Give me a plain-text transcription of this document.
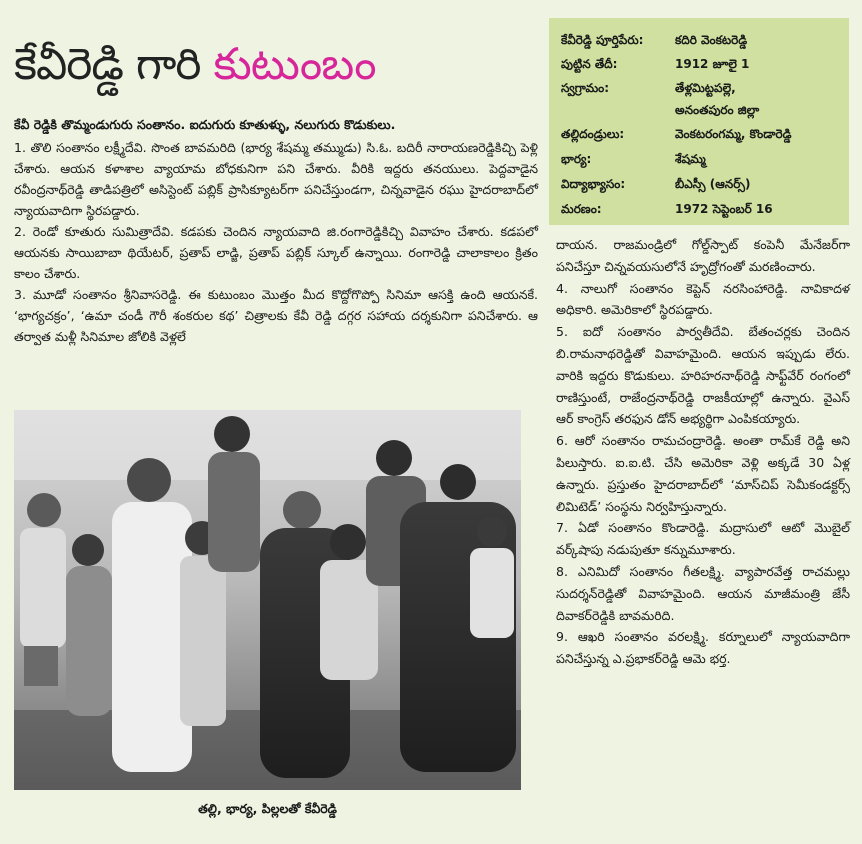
కేవీరెడ్డి గారి కుటుంబం
కేవీ రెడ్డికి తొమ్మండుగురు సంతానం. ఐదుగురు కూతుళ్ళు, నలుగురు కొడుకులు.

1. తొలి సంతానం లక్ష్మీదేవి. సొంత బావమరిది (భార్య శేషమ్మ తమ్ముడు) సి.ఓ. బదిరీ నారాయణరెడ్డికిచ్చి పెళ్లి చేశారు. ఆయన కళాశాల వ్యాయామ బోధకునిగా పని చేశారు. వీరికి ఇద్దరు తనయులు. పెద్దవాడైన రవీంద్రనాథ్‌రెడ్డి తాడిపత్రిలో అసిస్టెంట్ పబ్లిక్ ప్రాసిక్యూటర్‌గా పనిచేస్తుండగా, చిన్నవాడైన రఘు హైదరాబాద్‌లో న్యాయవాదిగా స్థిరపడ్డారు.

2. రెండో కూతురు సుమిత్రాదేవి. కడపకు చెందిన న్యాయవాది జి.రంగారెడ్డికిచ్చి వివాహం చేశారు. కడపలో ఆయనకు సాయిబాబా థియేటర్, ప్రతాప్ లాడ్జి, ప్రతాప్ పబ్లిక్ స్కూల్ ఉన్నాయి. రంగారెడ్డి చాలాకాలం క్రితం కాలం చేశారు.

3. మూడో సంతానం శ్రీనివాసరెడ్డి. ఈ కుటుంబం మొత్తం మీద కొద్దోగొప్పో సినిమా ఆసక్తి ఉంది ఆయనకే. ‘భాగ్యచక్రం’, ‘ఉమా చండీ గౌరీ శంకరుల కథ’ చిత్రాలకు కేవీ రెడ్డి దగ్గర సహాయ దర్శకునిగా పనిచేశారు. ఆ తర్వాత మళ్లీ సినిమాల జోలికి వెళ్లలే

కేవీరెడ్డి పూర్తిపేరు:	కదిరి వెంకటరెడ్డి
పుట్టిన తేదీ:	1912 జూలై 1
స్వగ్రామం:	తేళ్లమిట్టపల్లె,
అనంతపురం జిల్లా
తల్లిదండ్రులు:	వెంకటరంగమ్మ, కొండారెడ్డి
భార్య:	శేషమ్మ
విద్యాభ్యాసం:	బీఎస్సీ (ఆనర్స్)
మరణం:	1972 సెప్టెంబర్ 16

దాయన. రాజమండ్రిలో గోల్డ్‌స్పాట్ కంపెనీ మేనేజర్‌గా పనిచేస్తూ చిన్నవయసులోనే హృద్రోగంతో మరణించారు.

4. నాలుగో సంతానం కెప్టెన్ నరసింహారెడ్డి. నావికాదళ అధికారి. అమెరికాలో స్థిరపడ్డారు.

5. ఐదో సంతానం పార్వతీదేవి. బేతంచర్లకు చెందిన బి.రామనాథరెడ్డితో వివాహమైంది. ఆయన ఇప్పుడు లేరు. వారికి ఇద్దరు కొడుకులు. హరిహరనాథ్‌రెడ్డి సాఫ్ట్‌వేర్ రంగంలో రాణిస్తుంటే, రాజేంద్రనాథ్‌రెడ్డి రాజకీయాల్లో ఉన్నారు. వైఎస్ ఆర్ కాంగ్రెస్ తరఫున డోన్ అభ్యర్థిగా ఎంపికయ్యారు.

6. ఆరో సంతానం రామచంద్రారెడ్డి. అంతా రామ్‌కే రెడ్డి అని పిలుస్తారు. ఐ.ఐ.టి. చేసి అమెరికా వెళ్లి అక్కడే 30 ఏళ్ల ఉన్నారు. ప్రస్తుతం హైదరాబాద్‌లో ‘మాస్‌చిప్ సెమీకండక్టర్స్ లిమిటెడ్’ సంస్థను నిర్వహిస్తున్నారు.

7. ఏడో సంతానం కొండారెడ్డి. మద్రాసులో ఆటో మొబైల్ వర్క్‌షాపు నడుపుతూ కన్నుమూశారు.

8. ఎనిమిదో సంతానం గీతలక్ష్మి. వ్యాపారవేత్త రాచమల్లు సుదర్శన్‌రెడ్డితో వివాహమైంది. ఆయన మాజీమంత్రి జేసీ దివాకర్‌రెడ్డికి బావమరిది.

9. ఆఖరి సంతానం వరలక్ష్మి. కర్నూలులో న్యాయవాదిగా పనిచేస్తున్న ఎ.ప్రభాకర్‌రెడ్డి ఆమె భర్త.

తల్లి, భార్య, పిల్లలతో కేవీరెడ్డి
